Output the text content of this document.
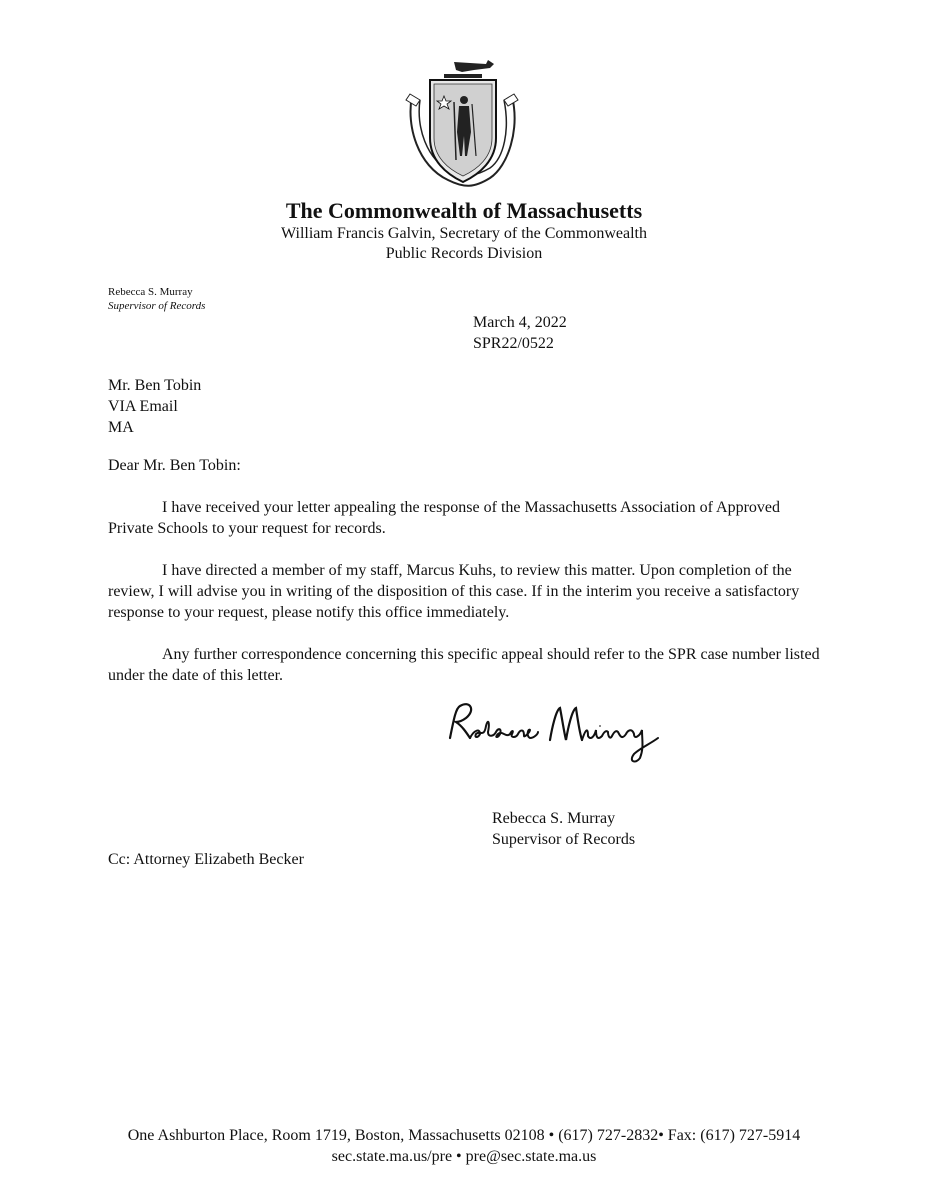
The Commonwealth of Massachusetts
William Francis Galvin, Secretary of the Commonwealth
Public Records Division
Rebecca S. Murray
Supervisor of Records
March 4, 2022
SPR22/0522
Mr. Ben Tobin
VIA Email
MA
Dear Mr. Ben Tobin:

I have received your letter appealing the response of the Massachusetts Association of Approved Private Schools to your request for records.

I have directed a member of my staff, Marcus Kuhs, to review this matter. Upon completion of the review, I will advise you in writing of the disposition of this case. If in the interim you receive a satisfactory response to your request, please notify this office immediately.

Any further correspondence concerning this specific appeal should refer to the SPR case number listed under the date of this letter.

Rebecca S. Murray
Supervisor of Records
Cc: Attorney Elizabeth Becker
One Ashburton Place, Room 1719, Boston, Massachusetts 02108 • (617) 727-2832• Fax: (617) 727-5914
sec.state.ma.us/pre • pre@sec.state.ma.us
